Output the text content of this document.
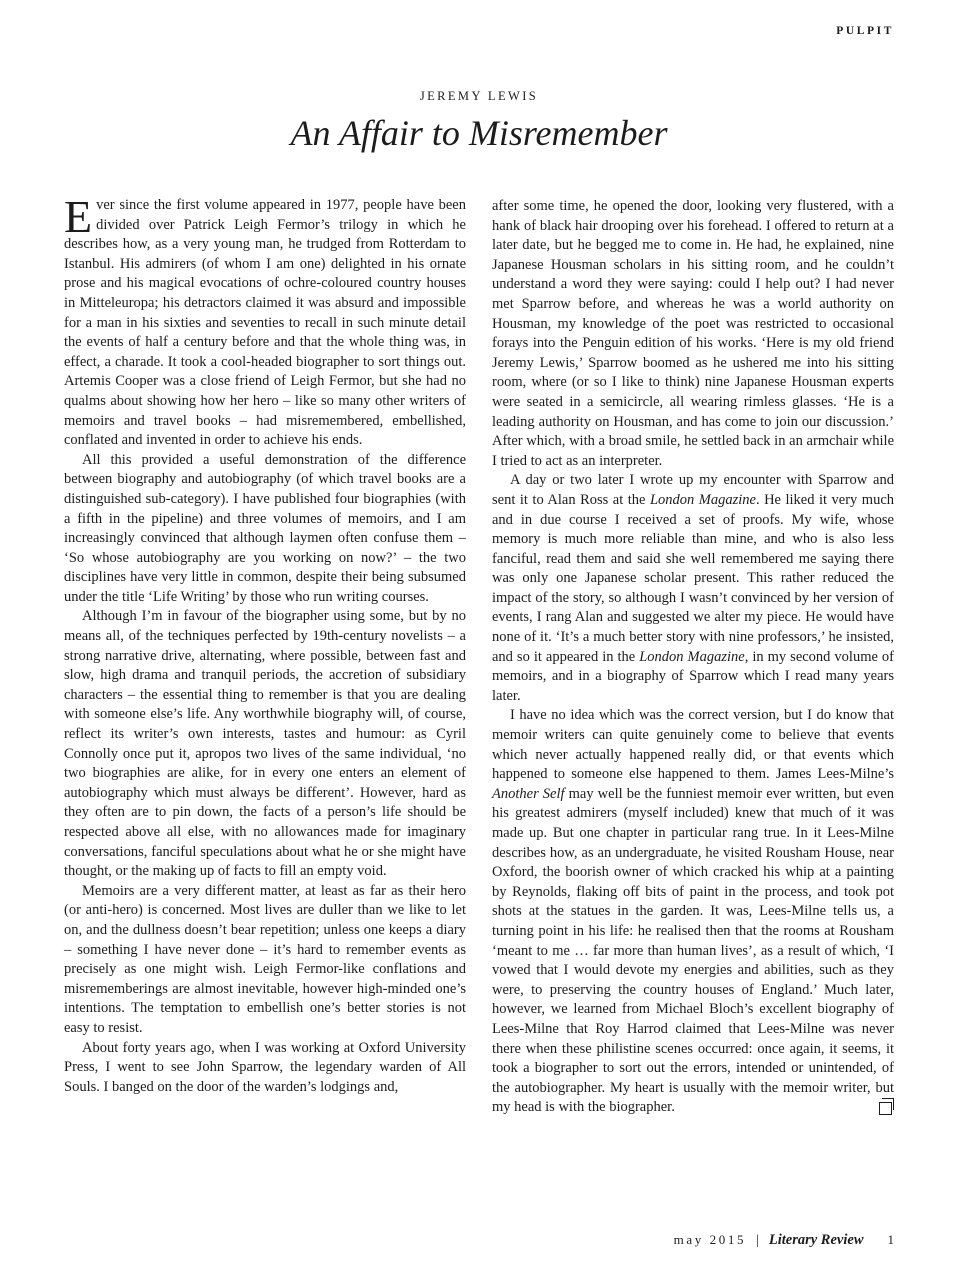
PULPIT
JEREMY LEWIS
An Affair to Misremember

Ever since the first volume appeared in 1977, people have been divided over Patrick Leigh Fermor’s trilogy in which he describes how, as a very young man, he trudged from Rotterdam to Istanbul. His admirers (of whom I am one) delighted in his ornate prose and his magical evocations of ochre-coloured country houses in Mitteleuropa; his detractors claimed it was absurd and impossible for a man in his sixties and seventies to recall in such minute detail the events of half a century before and that the whole thing was, in effect, a charade. It took a cool-headed biographer to sort things out. Artemis Cooper was a close friend of Leigh Fermor, but she had no qualms about showing how her hero – like so many other writers of memoirs and travel books – had misremembered, embellished, conflated and invented in order to achieve his ends.

All this provided a useful demonstration of the difference between biography and autobiography (of which travel books are a distinguished sub-category). I have published four biographies (with a fifth in the pipeline) and three volumes of memoirs, and I am increasingly convinced that although laymen often confuse them – ‘So whose autobiography are you working on now?’ – the two disciplines have very little in common, despite their being subsumed under the title ‘Life Writing’ by those who run writing courses.

Although I’m in favour of the biographer using some, but by no means all, of the techniques perfected by 19th-century novelists – a strong narrative drive, alternating, where possible, between fast and slow, high drama and tranquil periods, the accretion of subsidiary characters – the essential thing to remember is that you are dealing with someone else’s life. Any worthwhile biography will, of course, reflect its writer’s own interests, tastes and humour: as Cyril Connolly once put it, apropos two lives of the same individual, ‘no two biographies are alike, for in every one enters an element of autobiography which must always be different’. However, hard as they often are to pin down, the facts of a person’s life should be respected above all else, with no allowances made for imaginary conversations, fanciful speculations about what he or she might have thought, or the making up of facts to fill an empty void.

Memoirs are a very different matter, at least as far as their hero (or anti-hero) is concerned. Most lives are duller than we like to let on, and the dullness doesn’t bear repetition; unless one keeps a diary – something I have never done – it’s hard to remember events as precisely as one might wish. Leigh Fermor-like conflations and misrememberings are almost inevitable, however high-minded one’s intentions. The temptation to embellish one’s better stories is not easy to resist.

About forty years ago, when I was working at Oxford University Press, I went to see John Sparrow, the legendary warden of All Souls. I banged on the door of the warden’s lodgings and,

after some time, he opened the door, looking very flustered, with a hank of black hair drooping over his forehead. I offered to return at a later date, but he begged me to come in. He had, he explained, nine Japanese Housman scholars in his sitting room, and he couldn’t understand a word they were saying: could I help out? I had never met Sparrow before, and whereas he was a world authority on Housman, my knowledge of the poet was restricted to occasional forays into the Penguin edition of his works. ‘Here is my old friend Jeremy Lewis,’ Sparrow boomed as he ushered me into his sitting room, where (or so I like to think) nine Japanese Housman experts were seated in a semicircle, all wearing rimless glasses. ‘He is a leading authority on Housman, and has come to join our discussion.’ After which, with a broad smile, he settled back in an armchair while I tried to act as an interpreter.

A day or two later I wrote up my encounter with Sparrow and sent it to Alan Ross at the London Magazine. He liked it very much and in due course I received a set of proofs. My wife, whose memory is much more reliable than mine, and who is also less fanciful, read them and said she well remembered me saying there was only one Japanese scholar present. This rather reduced the impact of the story, so although I wasn’t convinced by her version of events, I rang Alan and suggested we alter my piece. He would have none of it. ‘It’s a much better story with nine professors,’ he insisted, and so it appeared in the London Magazine, in my second volume of memoirs, and in a biography of Sparrow which I read many years later.

I have no idea which was the correct version, but I do know that memoir writers can quite genuinely come to believe that events which never actually happened really did, or that events which happened to someone else happened to them. James Lees-Milne’s Another Self may well be the funniest memoir ever written, but even his greatest admirers (myself included) knew that much of it was made up. But one chapter in particular rang true. In it Lees-Milne describes how, as an undergraduate, he visited Rousham House, near Oxford, the boorish owner of which cracked his whip at a painting by Reynolds, flaking off bits of paint in the process, and took pot shots at the statues in the garden. It was, Lees-Milne tells us, a turning point in his life: he realised then that the rooms at Rousham ‘meant to me … far more than human lives’, as a result of which, ‘I vowed that I would devote my energies and abilities, such as they were, to preserving the country houses of England.’ Much later, however, we learned from Michael Bloch’s excellent biography of Lees-Milne that Roy Harrod claimed that Lees-Milne was never there when these philistine scenes occurred: once again, it seems, it took a biographer to sort out the errors, intended or unintended, of the autobiographer. My heart is usually with the memoir writer, but my head is with the biographer.

may 2015 | Literary Review 1
